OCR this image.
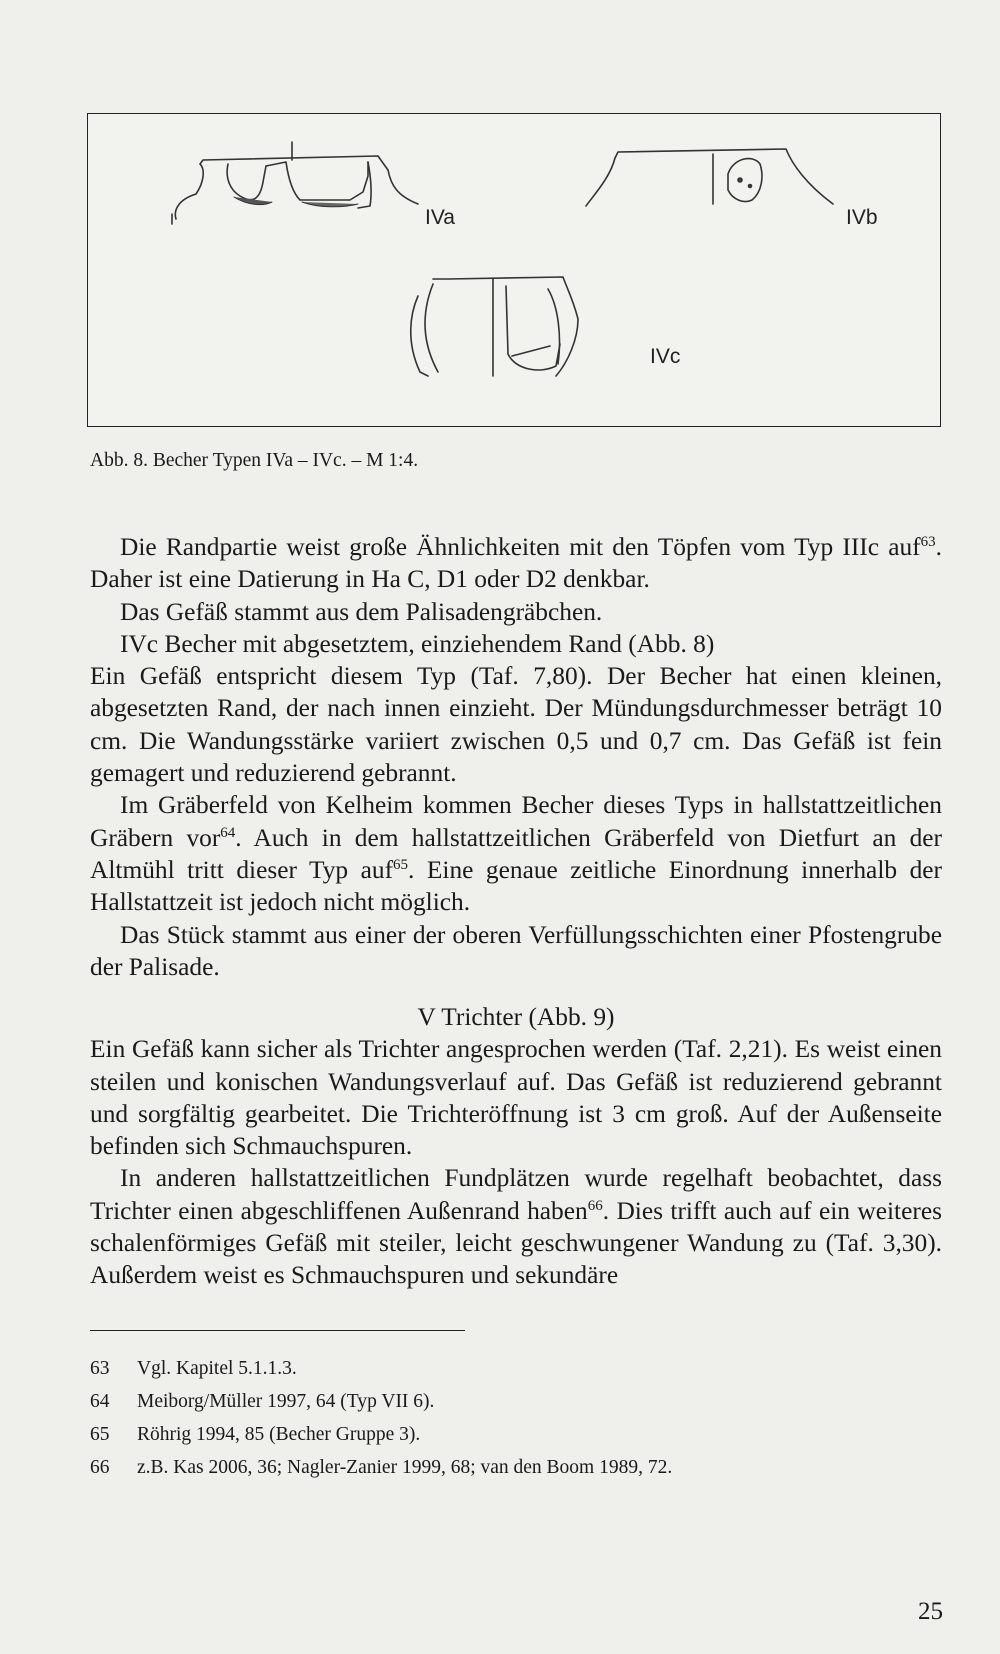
IVa	IVb
IVc
Abb. 8. Becher Typen IVa – IVc. – M 1:4.

Die Randpartie weist große Ähnlichkeiten mit den Töpfen vom Typ IIIc auf$^{63}$. Daher ist eine Datierung in Ha C, D1 oder D2 denkbar.

Das Gefäß stammt aus dem Palisadengräbchen.

IVc Becher mit abgesetztem, einziehendem Rand (Abb. 8)

Ein Gefäß entspricht diesem Typ (Taf. 7,80). Der Becher hat einen kleinen, abgesetzten Rand, der nach innen einzieht. Der Mündungsdurchmesser beträgt 10 cm. Die Wandungsstärke variiert zwischen 0,5 und 0,7 cm. Das Gefäß ist fein gemagert und reduzierend gebrannt.

Im Gräberfeld von Kelheim kommen Becher dieses Typs in hallstattzeitlichen Gräbern vor$^{64}$. Auch in dem hallstattzeitlichen Gräberfeld von Dietfurt an der Altmühl tritt dieser Typ auf$^{65}$. Eine genaue zeitliche Einordnung innerhalb der Hallstattzeit ist jedoch nicht möglich.

Das Stück stammt aus einer der oberen Verfüllungsschichten einer Pfostengrube der Palisade.

V Trichter (Abb. 9)

Ein Gefäß kann sicher als Trichter angesprochen werden (Taf. 2,21). Es weist einen steilen und konischen Wandungsverlauf auf. Das Gefäß ist reduzierend gebrannt und sorgfältig gearbeitet. Die Trichteröffnung ist 3 cm groß. Auf der Außenseite befinden sich Schmauchspuren.

In anderen hallstattzeitlichen Fundplätzen wurde regelhaft beobachtet, dass Trichter einen abgeschliffenen Außenrand haben$^{66}$. Dies trifft auch auf ein weiteres schalenförmiges Gefäß mit steiler, leicht geschwungener Wandung zu (Taf. 3,30). Außerdem weist es Schmauchspuren und sekundäre

63	Vgl. Kapitel 5.1.1.3.
64	Meiborg/Müller 1997, 64 (Typ VII 6).
65	Röhrig 1994, 85 (Becher Gruppe 3).
66	z.B. Kas 2006, 36; Nagler-Zanier 1999, 68; van den Boom 1989, 72.
25
